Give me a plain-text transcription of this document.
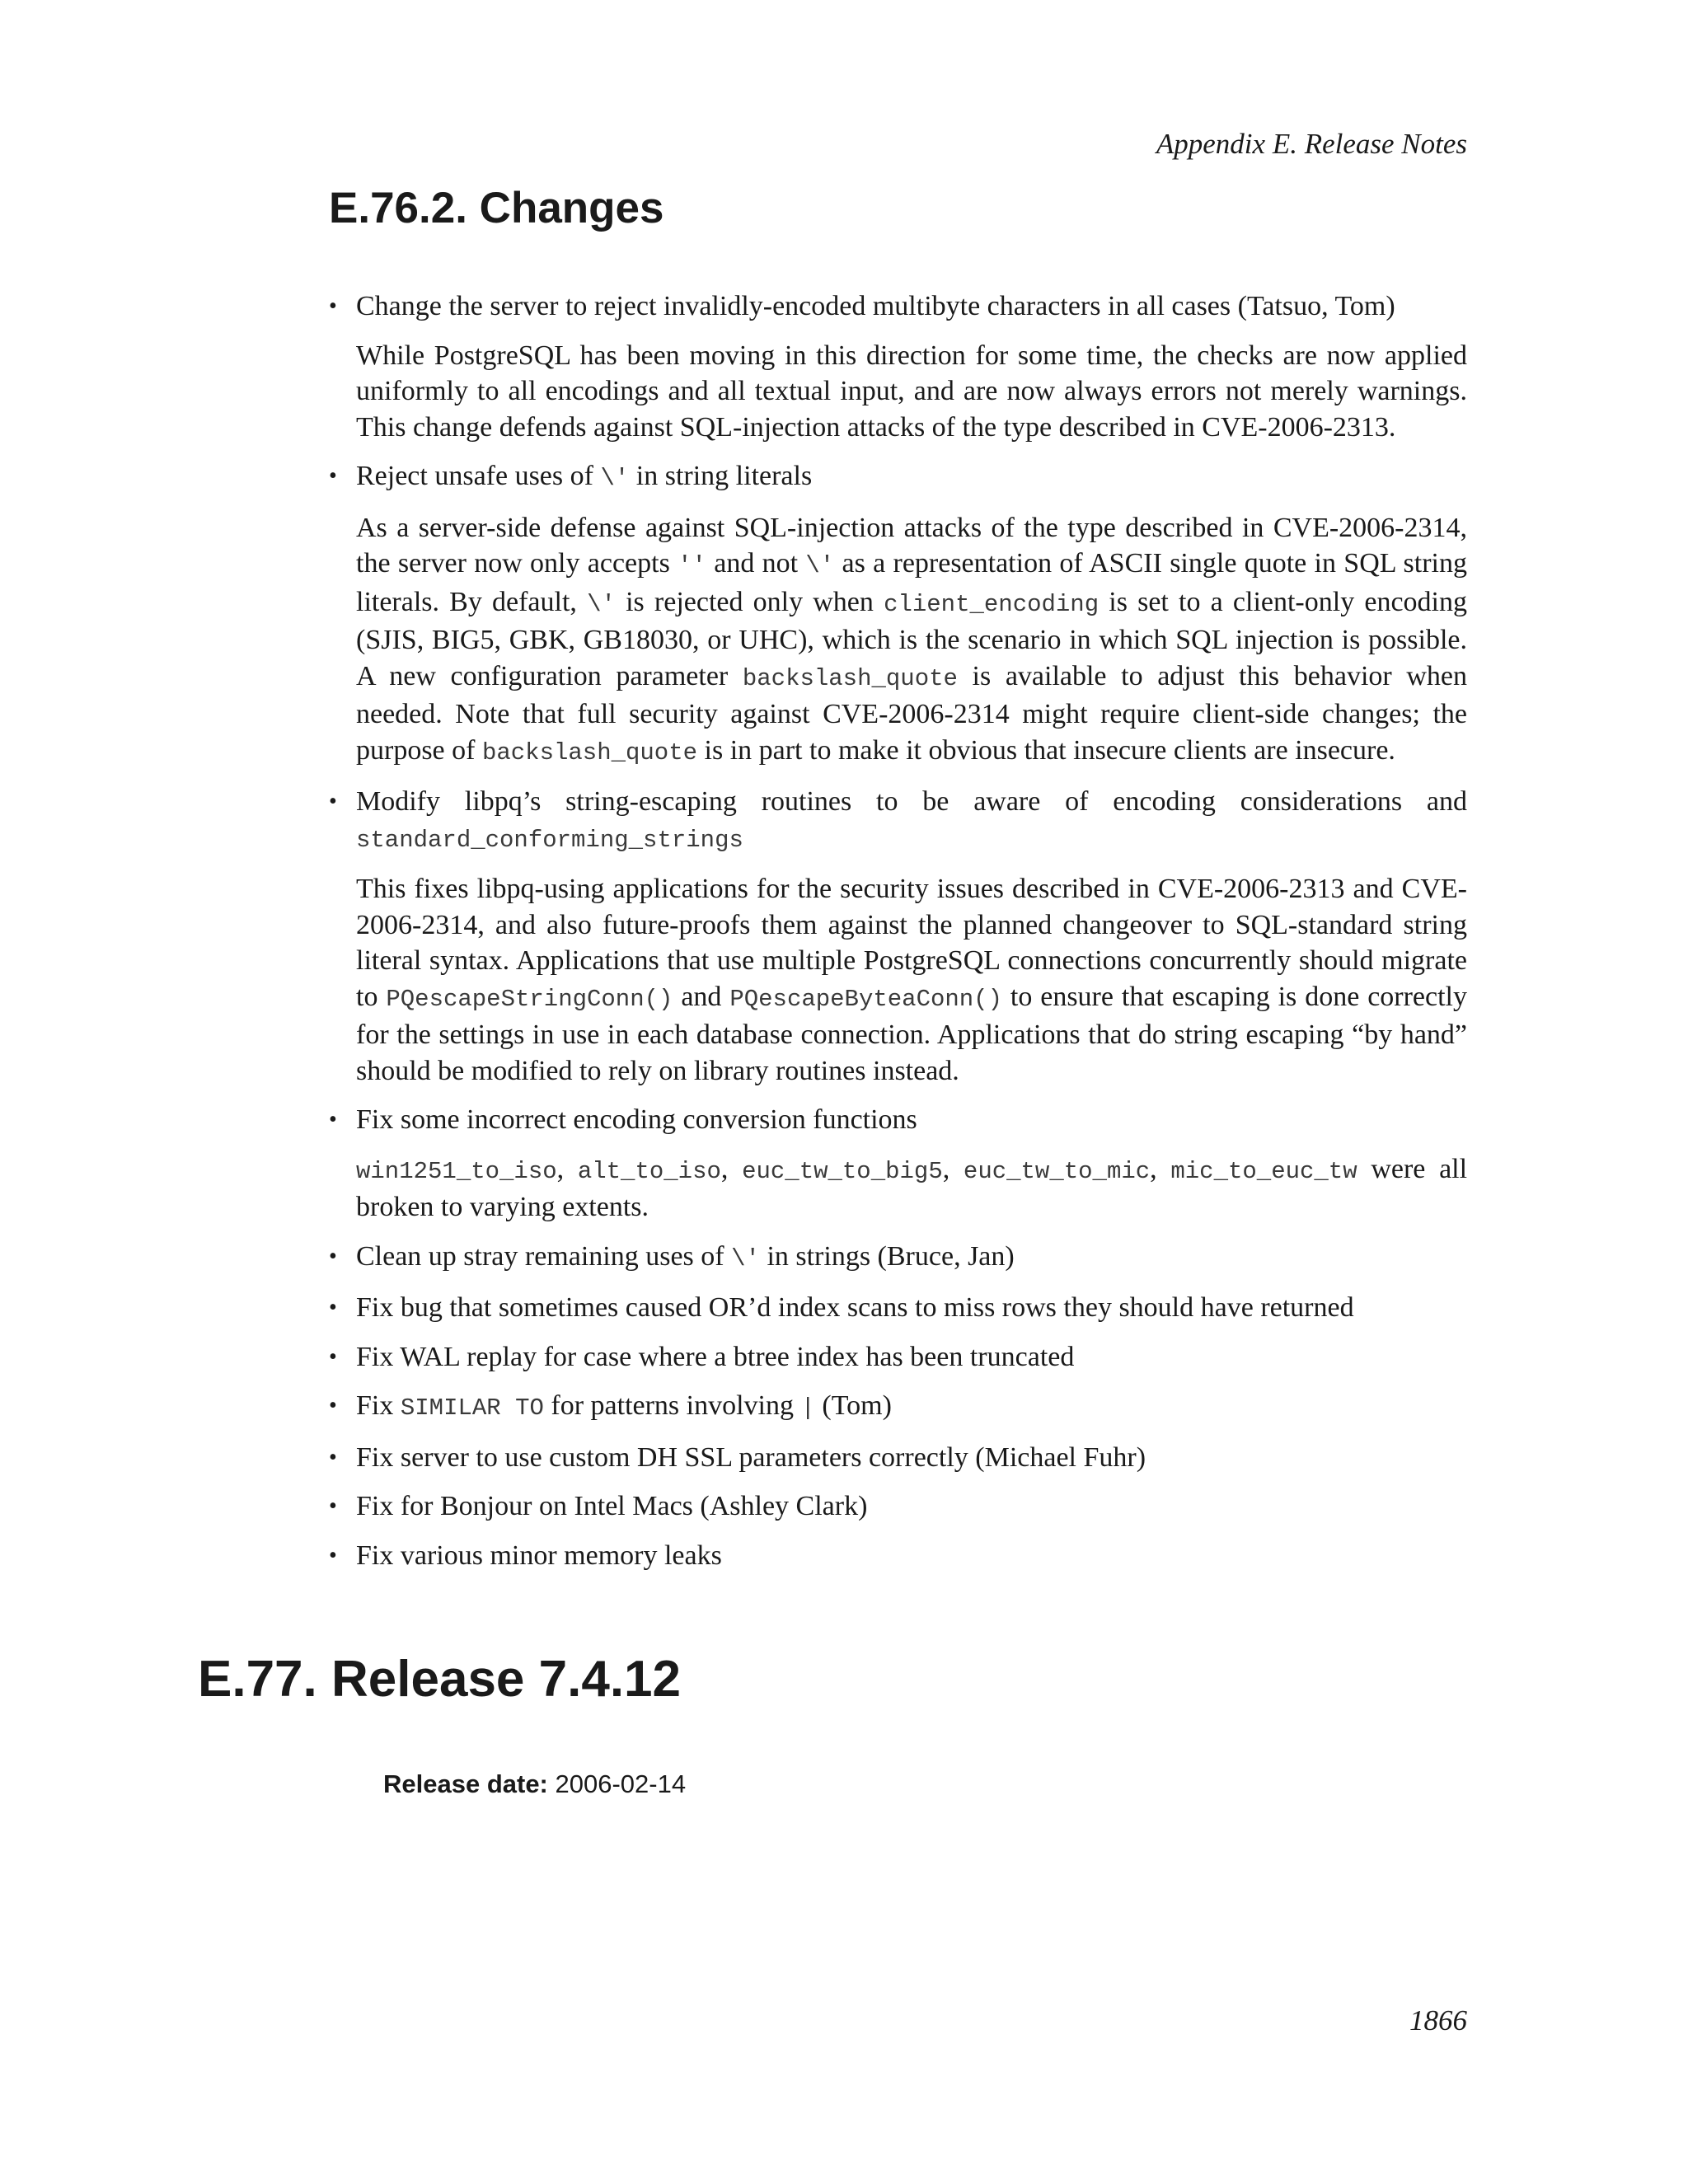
Appendix E. Release Notes
E.76.2. Changes
• Change the server to reject invalidly-encoded multibyte characters in all cases (Tatsuo, Tom)

While PostgreSQL has been moving in this direction for some time, the checks are now applied uniformly to all encodings and all textual input, and are now always errors not merely warnings. This change defends against SQL-injection attacks of the type described in CVE-2006-2313.

• Reject unsafe uses of \' in string literals

As a server-side defense against SQL-injection attacks of the type described in CVE-2006-2314, the server now only accepts '' and not \' as a representation of ASCII single quote in SQL string literals. By default, \' is rejected only when client_encoding is set to a client-only encoding (SJIS, BIG5, GBK, GB18030, or UHC), which is the scenario in which SQL injection is possible. A new configuration parameter backslash_quote is available to adjust this behavior when needed. Note that full security against CVE-2006-2314 might require client-side changes; the purpose of backslash_quote is in part to make it obvious that insecure clients are insecure.

• Modify libpq’s string-escaping routines to be aware of encoding considerations and

standard_conforming_strings

This fixes libpq-using applications for the security issues described in CVE-2006-2313 and CVE-2006-2314, and also future-proofs them against the planned changeover to SQL-standard string literal syntax. Applications that use multiple PostgreSQL connections concurrently should migrate to PQescapeStringConn() and PQescapeByteaConn() to ensure that escaping is done correctly for the settings in use in each database connection. Applications that do string escaping “by hand” should be modified to rely on library routines instead.

• Fix some incorrect encoding conversion functions

win1251_to_iso, alt_to_iso, euc_tw_to_big5, euc_tw_to_mic, mic_to_euc_tw were all broken to varying extents.

• Clean up stray remaining uses of \' in strings (Bruce, Jan)

• Fix bug that sometimes caused OR’d index scans to miss rows they should have returned

• Fix WAL replay for case where a btree index has been truncated

• Fix SIMILAR TO for patterns involving | (Tom)

• Fix server to use custom DH SSL parameters correctly (Michael Fuhr)

• Fix for Bonjour on Intel Macs (Ashley Clark)

• Fix various minor memory leaks

E.77. Release 7.4.12
Release date: 2006-02-14
1866
